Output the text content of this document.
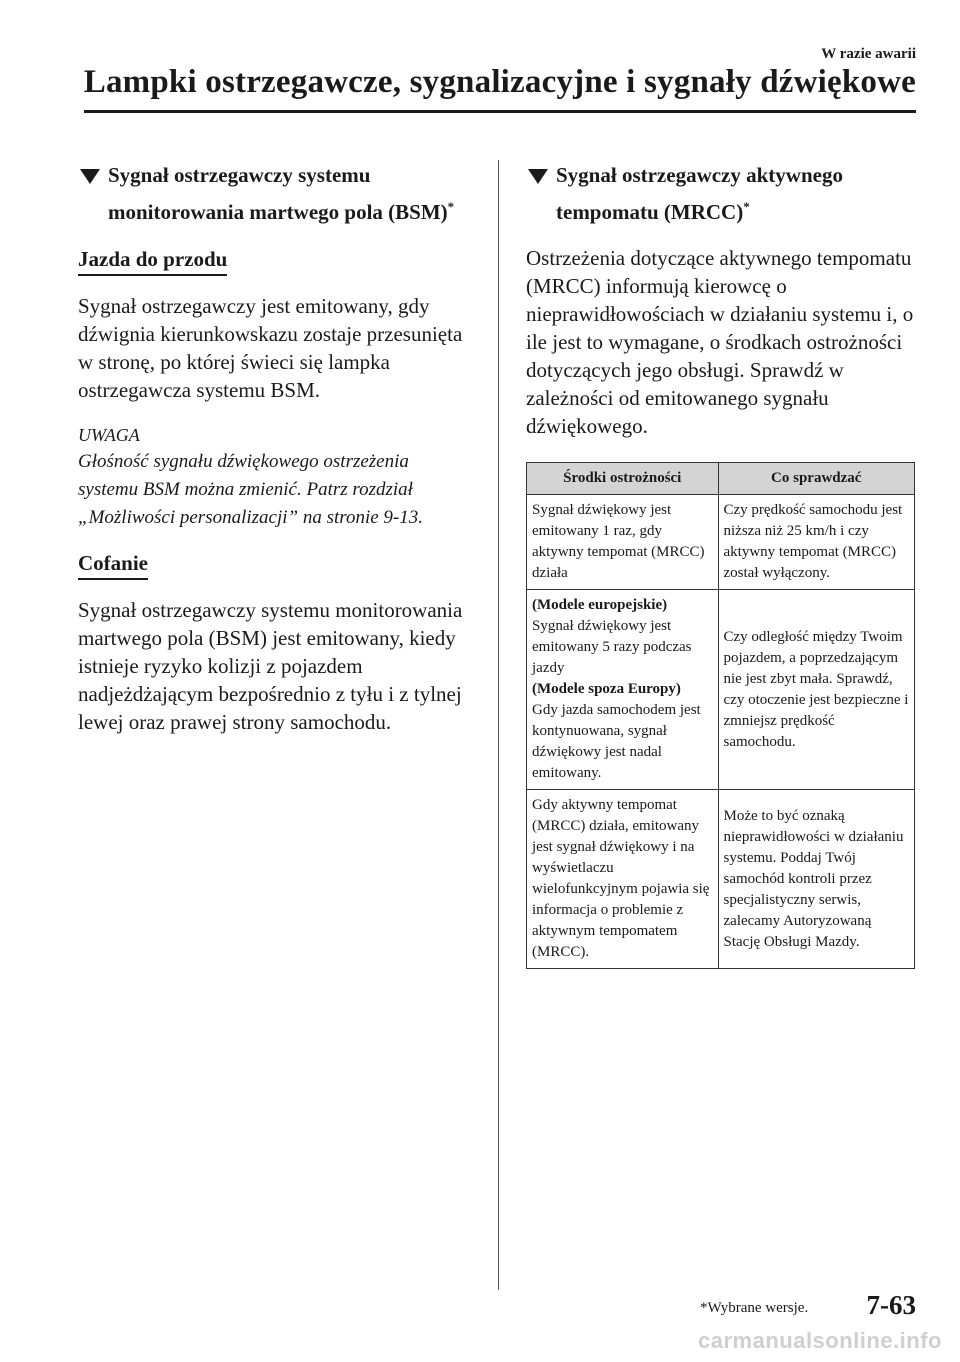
W razie awarii
Lampki ostrzegawcze, sygnalizacyjne i sygnały dźwiękowe
Sygnał ostrzegawczy systemu monitorowania martwego pola (BSM)*
Jazda do przodu

Sygnał ostrzegawczy jest emitowany, gdy dźwignia kierunkowskazu zostaje przesunięta w stronę, po której świeci się lampka ostrzegawcza systemu BSM.

UWAGA

Głośność sygnału dźwiękowego ostrzeżenia systemu BSM można zmienić. Patrz rozdział „Możliwości personalizacji” na stronie 9-13.

Cofanie

Sygnał ostrzegawczy systemu monitorowania martwego pola (BSM) jest emitowany, kiedy istnieje ryzyko kolizji z pojazdem nadjeżdżającym bezpośrednio z tyłu i z tylnej lewej oraz prawej strony samochodu.

Sygnał ostrzegawczy aktywnego tempomatu (MRCC)*

Ostrzeżenia dotyczące aktywnego tempomatu (MRCC) informują kierowcę o nieprawidłowościach w działaniu systemu i, o ile jest to wymagane, o środkach ostrożności dotyczących jego obsługi. Sprawdź w zależności od emitowanego sygnału dźwiękowego.

Środki ostrożności	Co sprawdzać
Sygnał dźwiękowy jest emitowany 1 raz, gdy aktywny tempomat (MRCC) działa	Czy prędkość samochodu jest niższa niż 25 km/h i czy aktywny tempomat (MRCC) został wyłączony.

(Modele europejskie)
Sygnał dźwiękowy jest emitowany 5 razy podczas jazdy
(Modele spoza Europy)
Gdy jazda samochodem jest kontynuowana, sygnał dźwiękowy jest nadal emitowany.	Czy odległość między Twoim pojazdem, a poprzedzającym nie jest zbyt mała. Sprawdź, czy otoczenie jest bezpieczne i zmniejsz prędkość samochodu.
Gdy aktywny tempomat (MRCC) działa, emitowany jest sygnał dźwiękowy i na wyświetlaczu wielofunkcyjnym pojawia się informacja o problemie z aktywnym tempomatem (MRCC).	Może to być oznaką nieprawidłowości w działaniu systemu. Poddaj Twój samochód kontroli przez specjalistyczny serwis, zalecamy Autoryzowaną Stację Obsługi Mazdy.
*Wybrane wersje. 7-63
carmanualsonline.info
